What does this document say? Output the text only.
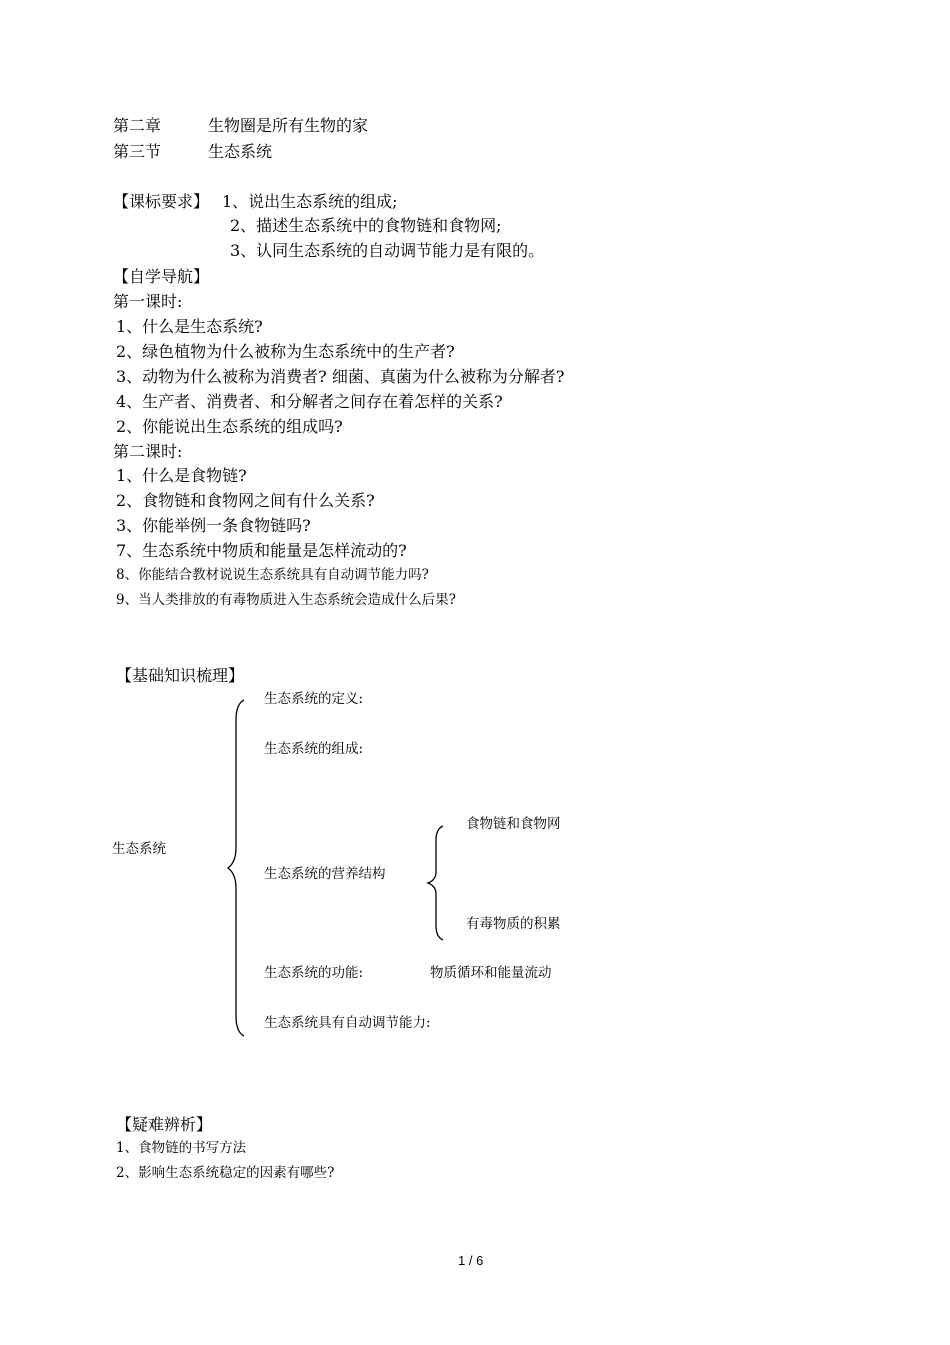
第二章	生物圈是所有生物的家
第三节	生态系统
【课标要求】 1、说出生态系统的组成;
2、描述生态系统中的食物链和食物网;
3、认同生态系统的自动调节能力是有限的。
【自学导航】
第一课时:
1、什么是生态系统?
2、绿色植物为什么被称为生态系统中的生产者?
3、动物为什么被称为消费者? 细菌、真菌为什么被称为分解者?
4、生产者、消费者、和分解者之间存在着怎样的关系?
2、你能说出生态系统的组成吗?
第二课时:
1、什么是食物链?
2、食物链和食物网之间有什么关系?
3、你能举例一条食物链吗?
7、生态系统中物质和能量是怎样流动的?
8、你能结合教材说说生态系统具有自动调节能力吗?
9、当人类排放的有毒物质进入生态系统会造成什么后果?
【基础知识梳理】
生态系统
生态系统的定义:
生态系统的组成:
生态系统的营养结构
食物链和食物网
有毒物质的积累
生态系统的功能:	物质循环和能量流动
生态系统具有自动调节能力:
【疑难辨析】
1、食物链的书写方法
2、影响生态系统稳定的因素有哪些?
1 / 6
